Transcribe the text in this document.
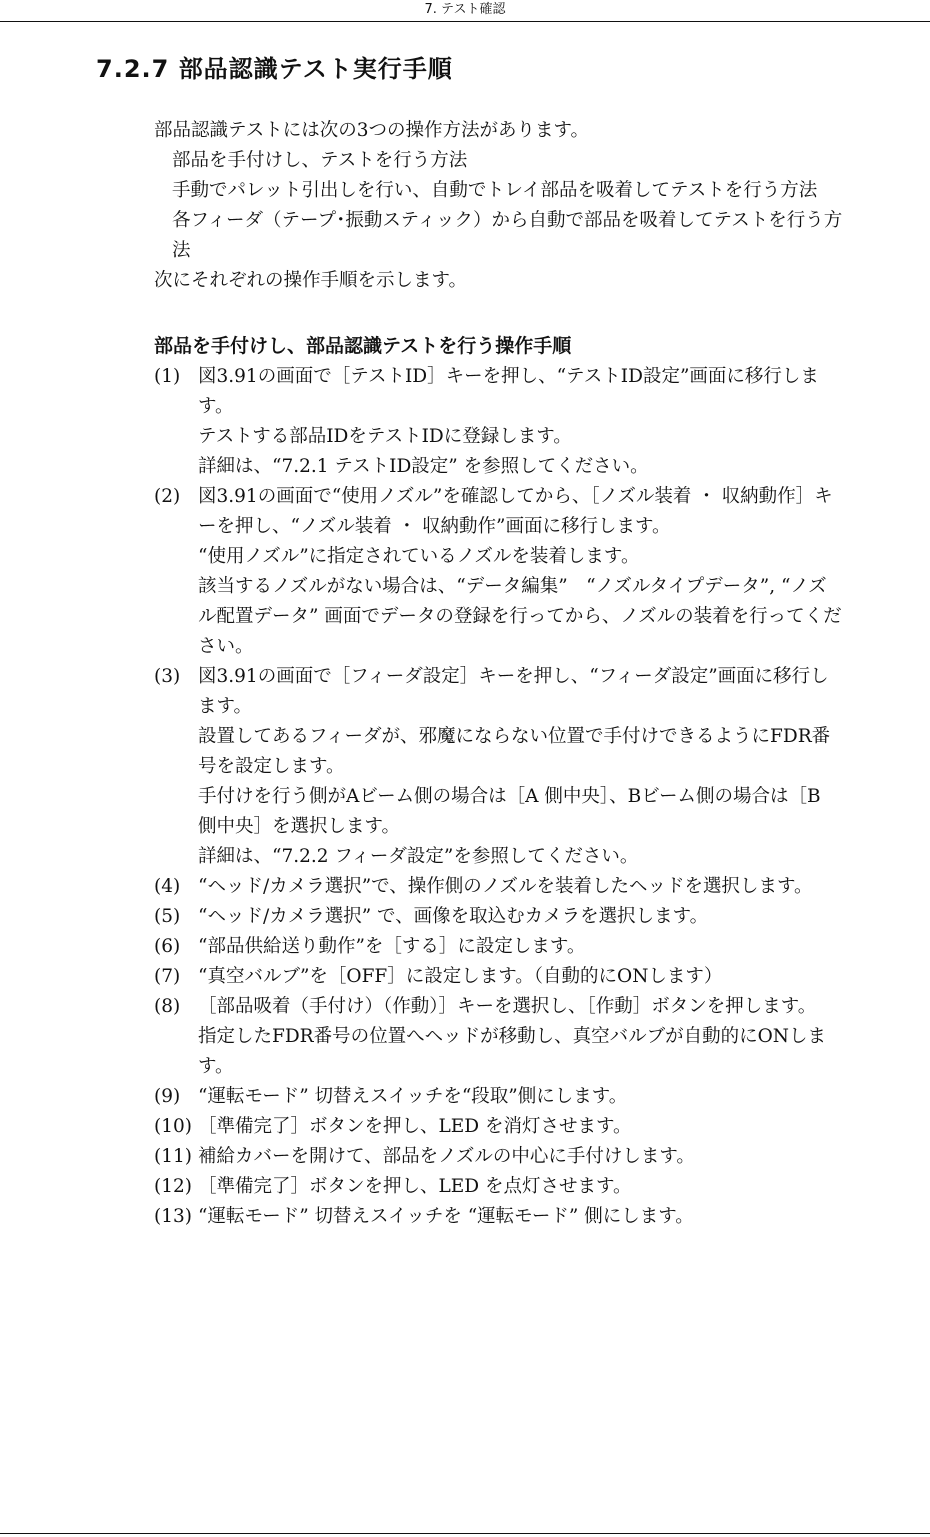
7. テスト確認
7.2.7 部品認識テスト実行手順

部品認識テストには次の3つの操作方法があります。

部品を手付けし、テストを行う方法

手動でパレット引出しを行い、自動でトレイ部品を吸着してテストを行う方法

各フィーダ（テープ･振動スティック）から自動で部品を吸着してテストを行う方法

次にそれぞれの操作手順を示します。

部品を手付けし、部品認識テストを行う操作手順
(1) 図3.91の画面で［テストID］キーを押し、“テストID設定”画面に移行します。
テストする部品IDをテストIDに登録します。
詳細は、“7.2.1 テストID設定” を参照してください。
(2) 図3.91の画面で“使用ノズル”を確認してから、［ノズル装着 ・ 収納動作］キーを押し、“ノズル装着 ・ 収納動作”画面に移行します。
“使用ノズル”に指定されているノズルを装着します。
該当するノズルがない場合は、“データ編集”　“ノズルタイプデータ”, “ノズル配置データ” 画面でデータの登録を行ってから、ノズルの装着を行ってください。
(3) 図3.91の画面で［フィーダ設定］キーを押し、“フィーダ設定”画面に移行します。
設置してあるフィーダが、邪魔にならない位置で手付けできるようにFDR番号を設定します。
手付けを行う側がAビーム側の場合は［A 側中央］、Bビーム側の場合は［B 側中央］を選択します。
詳細は、“7.2.2 フィーダ設定”を参照してください。
(4) “ヘッド/カメラ選択”で、操作側のノズルを装着したヘッドを選択します。
(5) “ヘッド/カメラ選択” で、画像を取込むカメラを選択します。
(6) “部品供給送り動作”を［する］に設定します。
(7) “真空バルブ”を［OFF］に設定します。（自動的にONします）
(8) ［部品吸着（手付け）（作動）］キーを選択し、［作動］ボタンを押します。
指定したFDR番号の位置へヘッドが移動し、真空バルブが自動的にONします。
(9) “運転モード” 切替えスイッチを“段取”側にします。
(10) ［準備完了］ボタンを押し、LED を消灯させます。
(11) 補給カバーを開けて、部品をノズルの中心に手付けします。
(12) ［準備完了］ボタンを押し、LED を点灯させます。
(13) “運転モード” 切替えスイッチを “運転モード” 側にします。
